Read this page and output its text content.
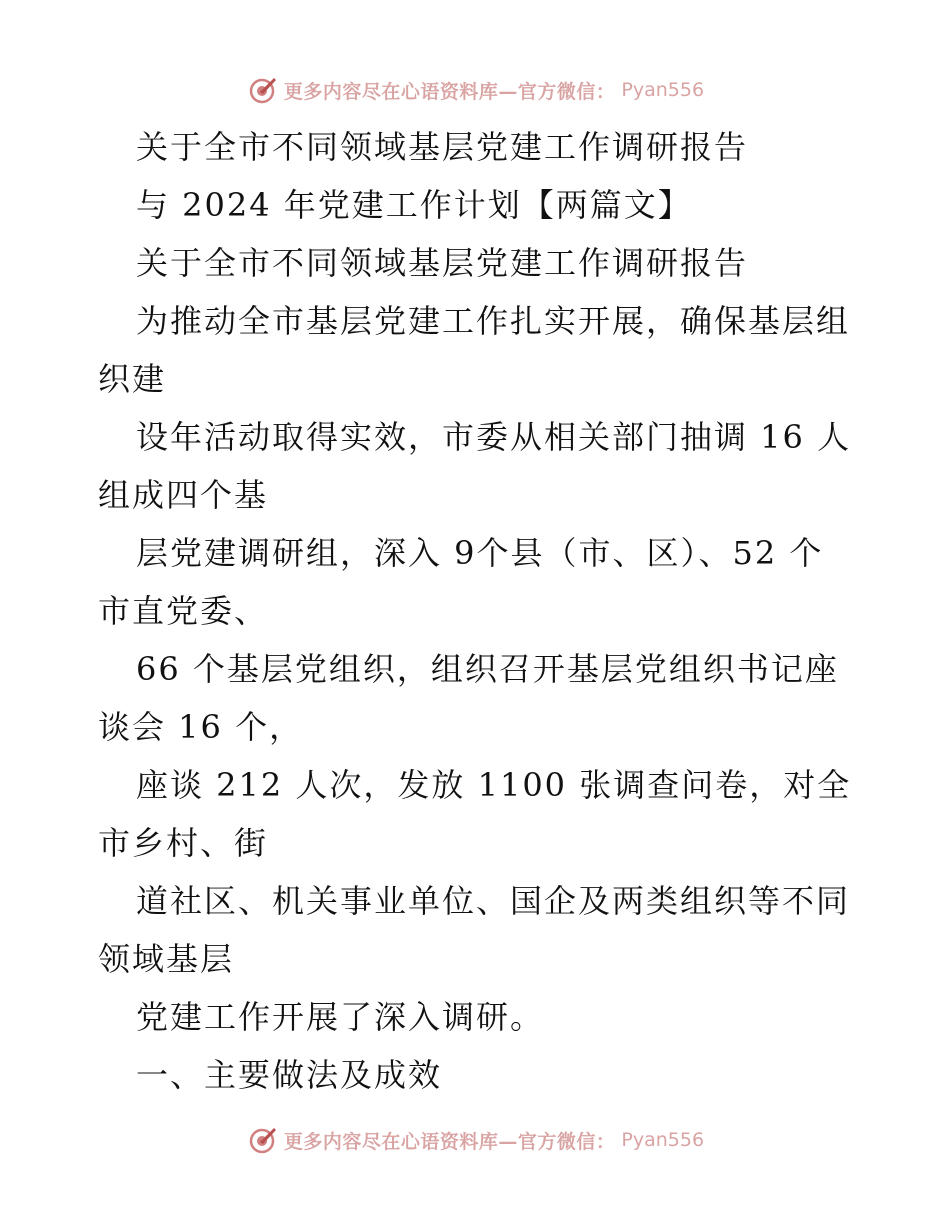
更多内容尽在心语资料库—官方微信： Pyan556
关于全市不同领域基层党建工作调研报告
与 2024 年党建工作计划【两篇文】
关于全市不同领域基层党建工作调研报告
为推动全市基层党建工作扎实开展，确保基层组
织建
设年活动取得实效，市委从相关部门抽调 16 人
组成四个基
层党建调研组，深入 9个县（市、区）、52 个
市直党委、
66 个基层党组织，组织召开基层党组织书记座
谈会 16 个，
座谈 212 人次，发放 1100 张调查问卷，对全
市乡村、街
道社区、机关事业单位、国企及两类组织等不同
领域基层
党建工作开展了深入调研。
一、主要做法及成效
更多内容尽在心语资料库—官方微信： Pyan556
